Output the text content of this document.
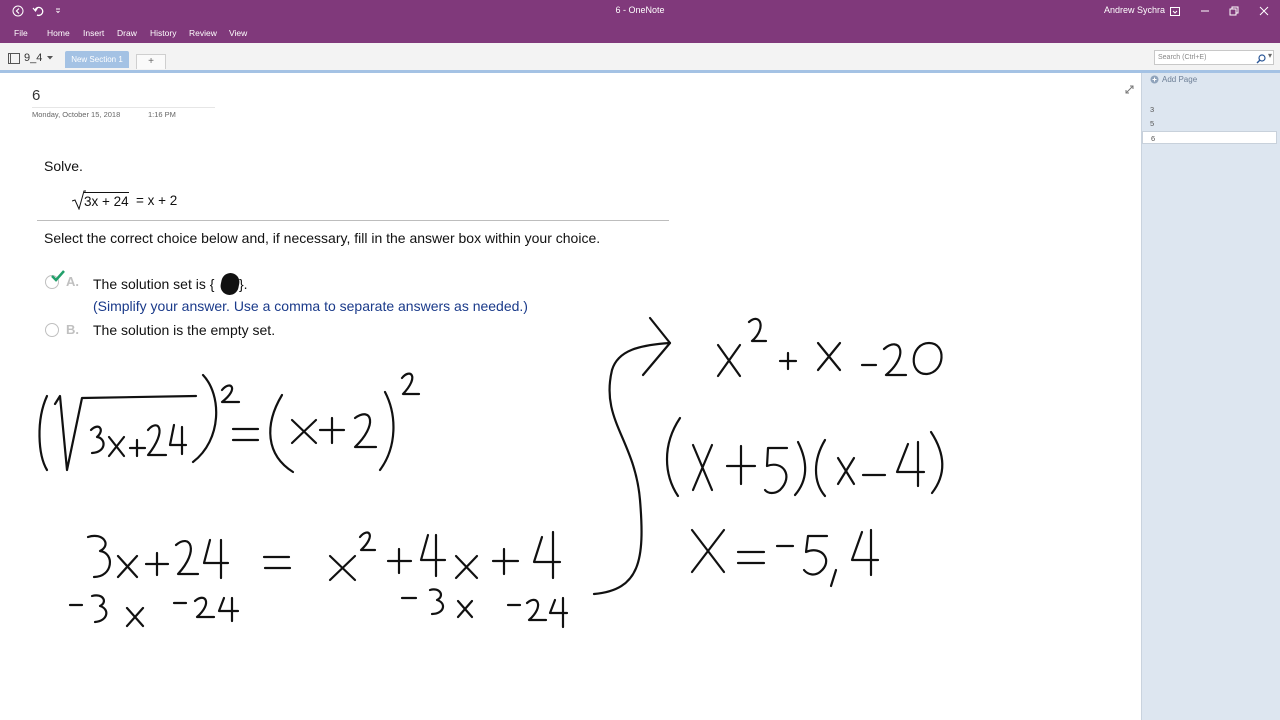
6 - OneNote	Andrew Sychra
File Home Insert Draw History Review View
9_4	New Section 1	+	Search (Ctrl+E)	▾
6
Monday, October 15, 2018	1:16 PM
Solve.
3x + 24 = x + 2
Select the correct choice below and, if necessary, fill in the answer box within your choice.
A. The solution set is { }.
(Simplify your answer. Use a comma to separate answers as needed.)
B. The solution is the empty set.
Add Page
3
5
6
